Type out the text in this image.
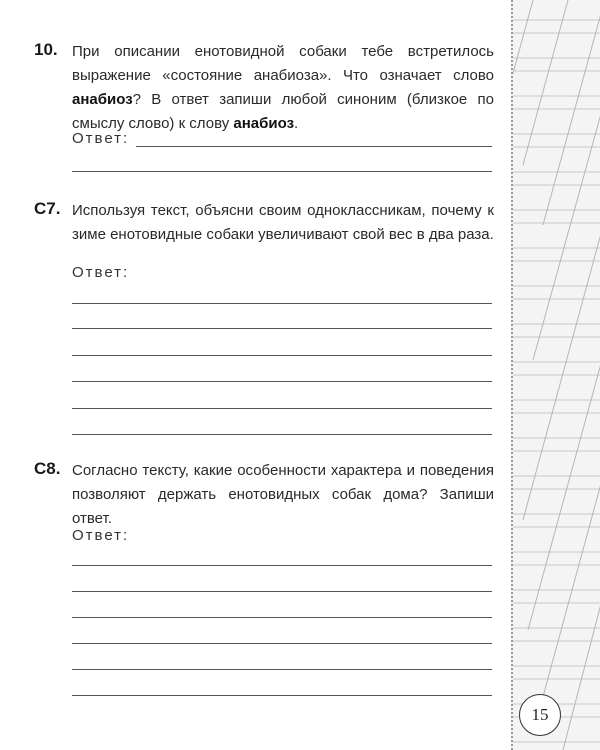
10. При описании енотовидной собаки тебе встретилось выражение «состояние анабиоза». Что означает слово анабиоз? В ответ запиши любой синоним (близкое по смыслу слово) к слову анабиоз.
Ответ:
С7. Используя текст, объясни своим одноклассникам, почему к зиме енотовидные собаки увеличивают свой вес в два раза.
Ответ:
С8. Согласно тексту, какие особенности характера и поведения позволяют держать енотовидных собак дома? Запиши ответ.
Ответ:
15
